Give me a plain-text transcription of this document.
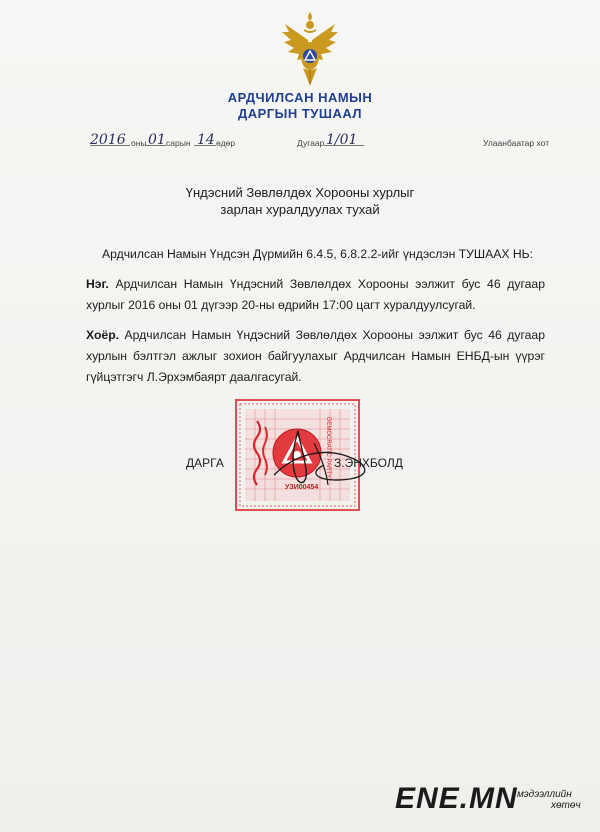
АРДЧИЛСАН НАМЫН
ДАРГЫН ТУШААЛ
2016 оны 01 сарын 14 өдөр	Дугаар 1/01	Улаанбаатар хот
Үндэсний Зөвлөлдөх Хорооны хурлыг
зарлан хуралдуулах тухай
Ардчилсан Намын Үндсэн Дүрмийн 6.4.5, 6.8.2.2-ийг үндэслэн ТУШААХ НЬ:
Нэг. Ардчилсан Намын Үндэсний Зөвлөлдөх Хорооны ээлжит бус 46 дугаар хурлыг 2016 оны 01 дүгээр 20-ны өдрийн 17:00 цагт хуралдуулсугай.
Хоёр. Ардчилсан Намын Үндэсний Зөвлөлдөх Хорооны ээлжит бус 46 дугаар хурлын бэлтгэл ажлыг зохион байгуулахыг Ардчилсан Намын ЕНБД-ын үүрэг гүйцэтгэгч Л.Эрхэмбаярт даалгасугай.
DEMOCRATIC PARTY
УЗИ00454
ДАРГА	З.ЭНХБОЛД
ENE.MN мэдээллийн
хөтөч
